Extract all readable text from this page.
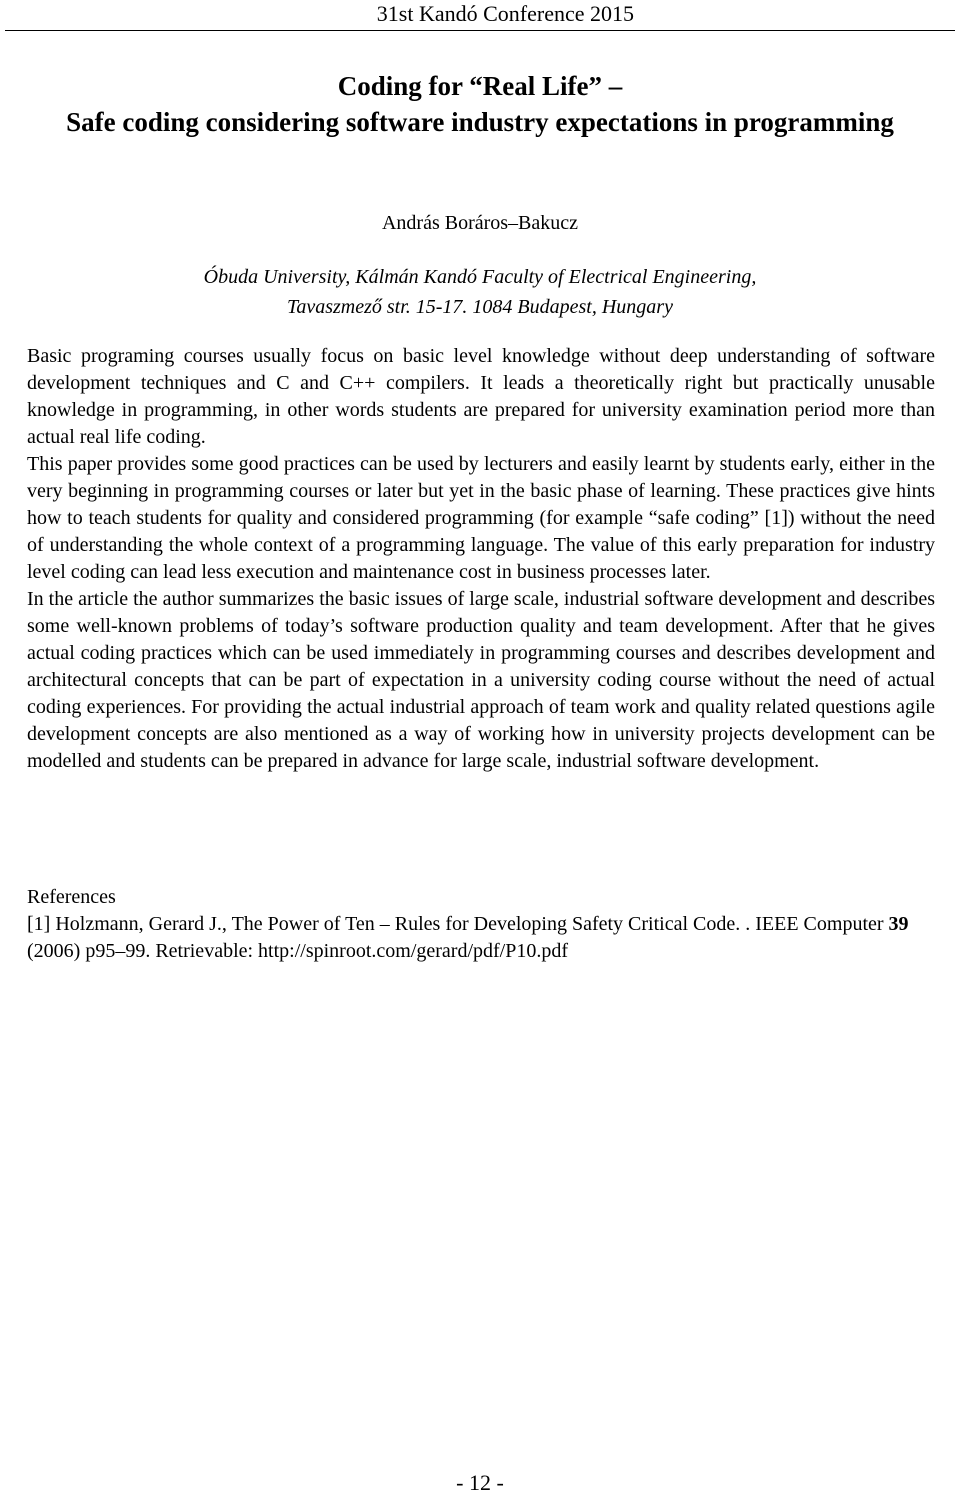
31st Kandó Conference 2015
Coding for “Real Life” –
Safe coding considering software industry expectations in programming
András Boráros–Bakucz
Óbuda University, Kálmán Kandó Faculty of Electrical Engineering,
Tavaszmező str. 15-17. 1084 Budapest, Hungary

Basic programing courses usually focus on basic level knowledge without deep understanding of software development techniques and C and C++ compilers. It leads a theoretically right but practically unusable knowledge in programming, in other words students are prepared for university examination period more than actual real life coding.

This paper provides some good practices can be used by lecturers and easily learnt by students early, either in the very beginning in programming courses or later but yet in the basic phase of learning. These practices give hints how to teach students for quality and considered programming (for example “safe coding” [1]) without the need of understanding the whole context of a programming language. The value of this early preparation for industry level coding can lead less execution and maintenance cost in business processes later.

In the article the author summarizes the basic issues of large scale, industrial software development and describes some well-known problems of today’s software production quality and team development. After that he gives actual coding practices which can be used immediately in programming courses and describes development and architectural concepts that can be part of expectation in a university coding course without the need of actual coding experiences. For providing the actual industrial approach of team work and quality related questions agile development concepts are also mentioned as a way of working how in university projects development can be modelled and students can be prepared in advance for large scale, industrial software development.

References

[1] Holzmann, Gerard J., The Power of Ten – Rules for Developing Safety Critical Code. . IEEE Computer 39 (2006) p95–99. Retrievable: http://spinroot.com/gerard/pdf/P10.pdf

- 12 -
